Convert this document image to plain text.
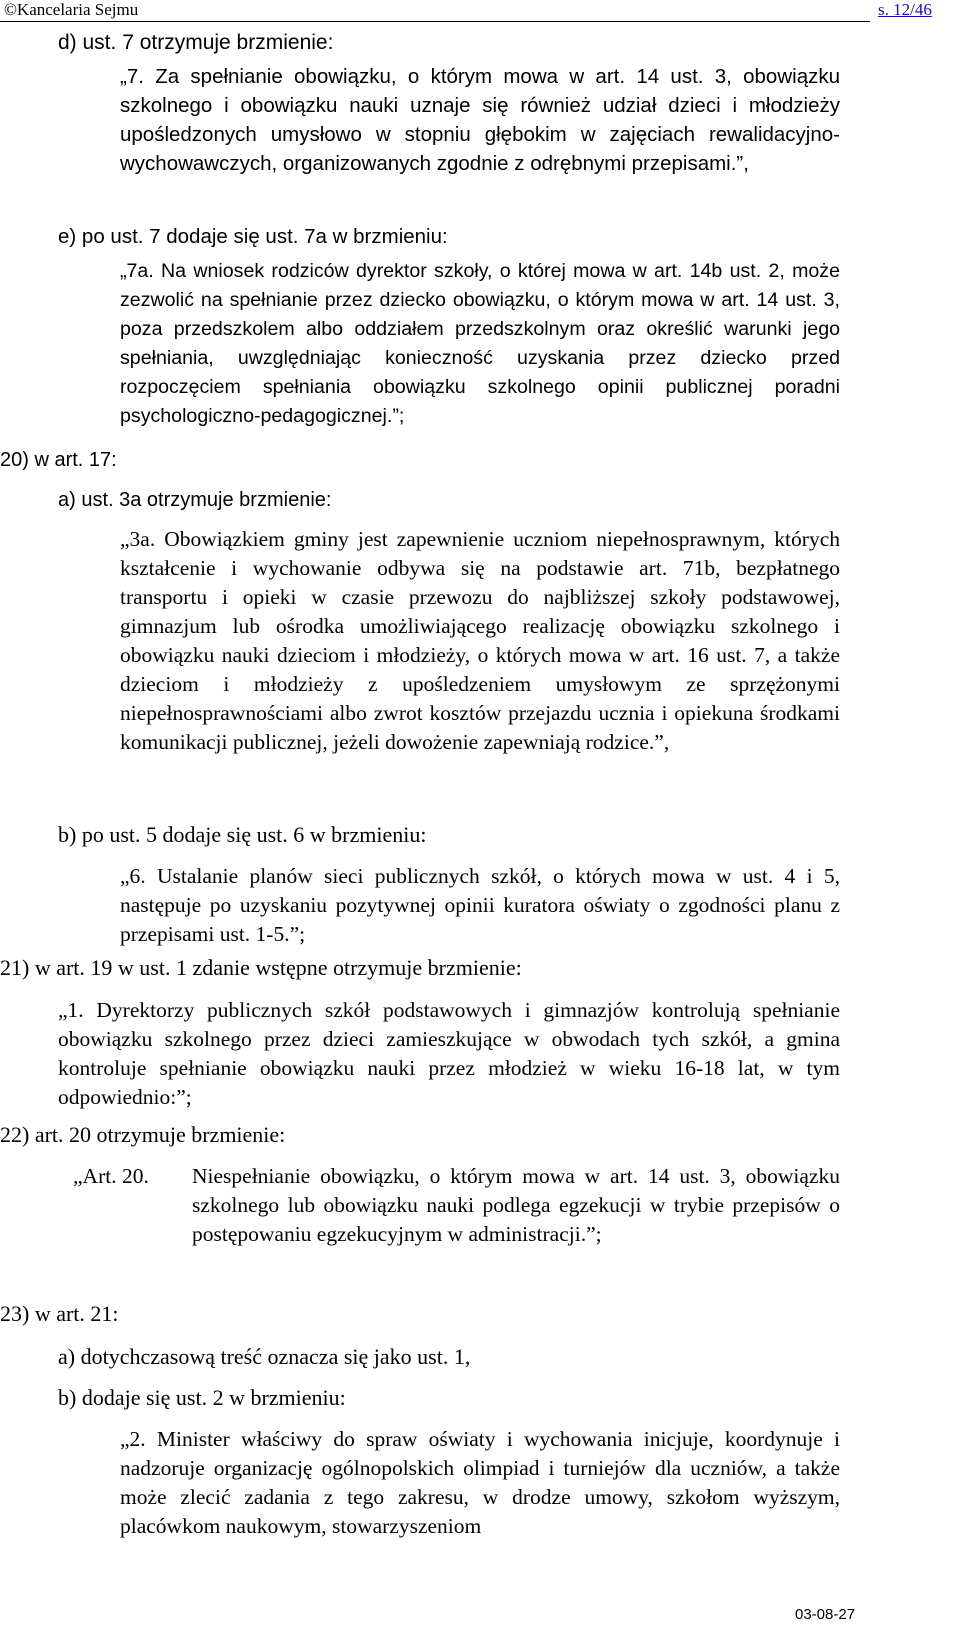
©Kancelaria Sejmu	s. 12/46
d) ust. 7 otrzymuje brzmienie:
„7. Za spełnianie obowiązku, o którym mowa w art. 14 ust. 3, obowiązku szkolnego i obowiązku nauki uznaje się również udział dzieci i młodzieży upośledzonych umysłowo w stopniu głębokim w zajęciach rewalidacyjno-wychowawczych, organizowanych zgodnie z odrębnymi przepisami.”,
e) po ust. 7 dodaje się ust. 7a w brzmieniu:
„7a. Na wniosek rodziców dyrektor szkoły, o której mowa w art. 14b ust. 2, może zezwolić na spełnianie przez dziecko obowiązku, o którym mowa w art. 14 ust. 3, poza przedszkolem albo oddziałem przedszkolnym oraz określić warunki jego spełniania, uwzględniając konieczność uzyskania przez dziecko przed rozpoczęciem spełniania obowiązku szkolnego opinii publicznej poradni psychologiczno-pedagogicznej.”;
20) w art. 17:
a) ust. 3a otrzymuje brzmienie:
„3a. Obowiązkiem gminy jest zapewnienie uczniom niepełnosprawnym, których kształcenie i wychowanie odbywa się na podstawie art. 71b, bezpłatnego transportu i opieki w czasie przewozu do najbliższej szkoły podstawowej, gimnazjum lub ośrodka umożliwiającego realizację obowiązku szkolnego i obowiązku nauki dzieciom i młodzieży, o których mowa w art. 16 ust. 7, a także dzieciom i młodzieży z upośledzeniem umysłowym ze sprzężonymi niepełnosprawnościami albo zwrot kosztów przejazdu ucznia i opiekuna środkami komunikacji publicznej, jeżeli dowożenie zapewniają rodzice.”,
b) po ust. 5 dodaje się ust. 6 w brzmieniu:
„6. Ustalanie planów sieci publicznych szkół, o których mowa w ust. 4 i 5, następuje po uzyskaniu pozytywnej opinii kuratora oświaty o zgodności planu z przepisami ust. 1-5.”;
21) w art. 19 w ust. 1 zdanie wstępne otrzymuje brzmienie:
„1. Dyrektorzy publicznych szkół podstawowych i gimnazjów kontrolują spełnianie obowiązku szkolnego przez dzieci zamieszkujące w obwodach tych szkół, a gmina kontroluje spełnianie obowiązku nauki przez młodzież w wieku 16-18 lat, w tym odpowiednio:”;
22) art. 20 otrzymuje brzmienie:
„Art. 20. Niespełnianie obowiązku, o którym mowa w art. 14 ust. 3, obowiązku szkolnego lub obowiązku nauki podlega egzekucji w trybie przepisów o postępowaniu egzekucyjnym w administracji.”;
23) w art. 21:
a) dotychczasową treść oznacza się jako ust. 1,
b) dodaje się ust. 2 w brzmieniu:
„2. Minister właściwy do spraw oświaty i wychowania inicjuje, koordynuje i nadzoruje organizację ogólnopolskich olimpiad i turniejów dla uczniów, a także może zlecić zadania z tego zakresu, w drodze umowy, szkołom wyższym, placówkom naukowym, stowarzyszeniom
03-08-27
